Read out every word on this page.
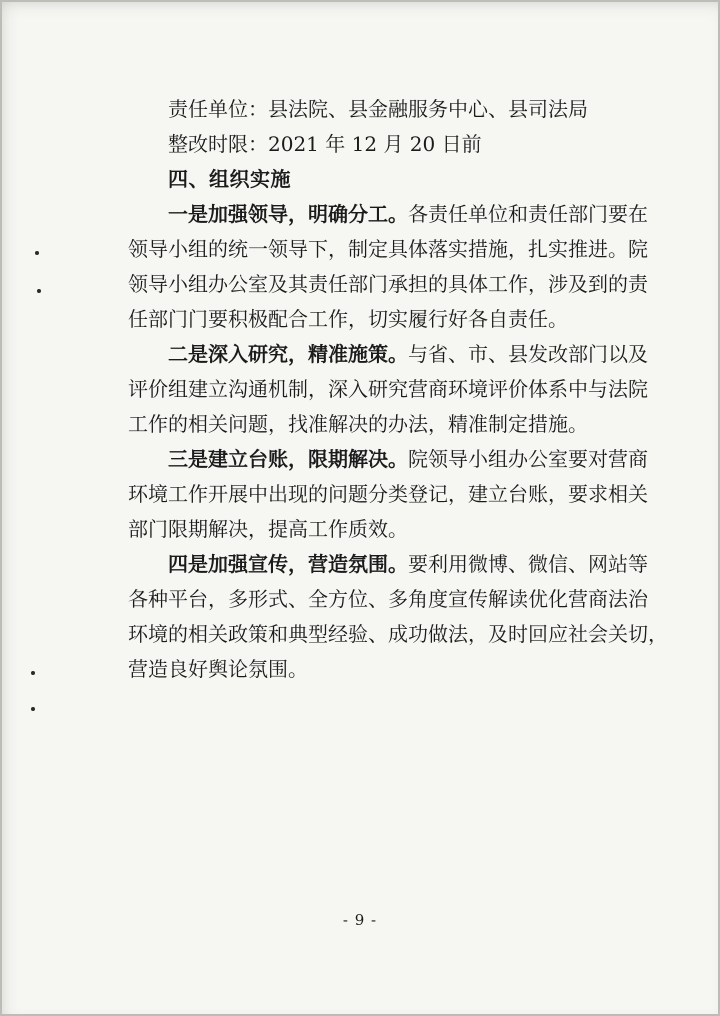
责任单位：县法院、县金融服务中心、县司法局
整改时限：2021 年 12 月 20 日前
四、组织实施
一是加强领导，明确分工。各责任单位和责任部门要在
领导小组的统一领导下，制定具体落实措施，扎实推进。院
领导小组办公室及其责任部门承担的具体工作，涉及到的责
任部门门要积极配合工作，切实履行好各自责任。
二是深入研究，精准施策。与省、市、县发改部门以及
评价组建立沟通机制，深入研究营商环境评价体系中与法院
工作的相关问题，找准解决的办法，精准制定措施。
三是建立台账，限期解决。院领导小组办公室要对营商
环境工作开展中出现的问题分类登记，建立台账，要求相关
部门限期解决，提高工作质效。
四是加强宣传，营造氛围。要利用微博、微信、网站等
各种平台，多形式、全方位、多角度宣传解读优化营商法治
环境的相关政策和典型经验、成功做法，及时回应社会关切，
营造良好舆论氛围。
- 9 -
